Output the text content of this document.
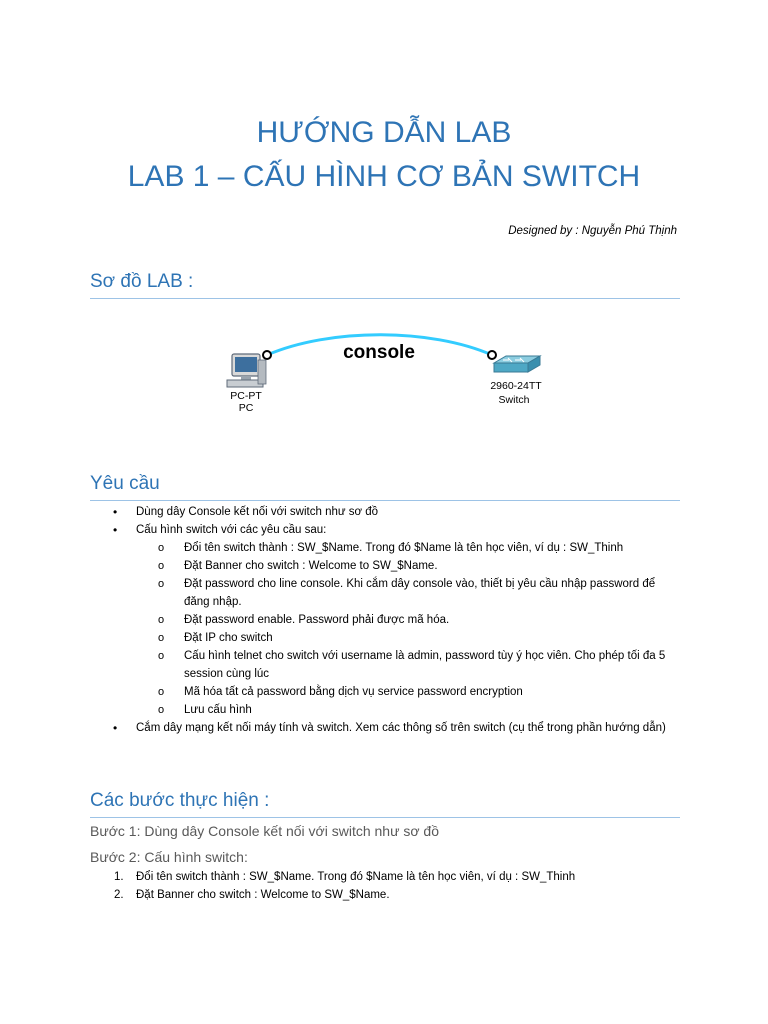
HƯỚNG DẪN LAB
LAB 1 – CẤU HÌNH CƠ BẢN SWITCH
Designed by : Nguyễn Phú Thịnh
Sơ đồ LAB :
console
PC-PT
PC
2960-24TT
Switch
Yêu cầu
• Dùng dây Console kết nối với switch như sơ đồ
• Cấu hình switch với các yêu cầu sau:
o Đổi tên switch thành : SW_$Name. Trong đó $Name là tên học viên, ví dụ : SW_Thinh
o Đặt Banner cho switch : Welcome to SW_$Name.
o Đặt password cho line console. Khi cắm dây console vào, thiết bị yêu cầu nhập password để đăng nhập.
o Đặt password enable. Password phải được mã hóa.
o Đặt IP cho switch
o Cấu hình telnet cho switch với username là admin, password tùy ý học viên. Cho phép tối đa 5 session cùng lúc
o Mã hóa tất cả password bằng dịch vụ service password encryption
o Lưu cấu hình
• Cắm dây mạng kết nối máy tính và switch. Xem các thông số trên switch (cụ thể trong phần hướng dẫn)
Các bước thực hiện :
Bước 1: Dùng dây Console kết nối với switch như sơ đồ
Bước 2: Cấu hình switch:
1. Đổi tên switch thành : SW_$Name. Trong đó $Name là tên học viên, ví dụ : SW_Thinh
2. Đặt Banner cho switch : Welcome to SW_$Name.
